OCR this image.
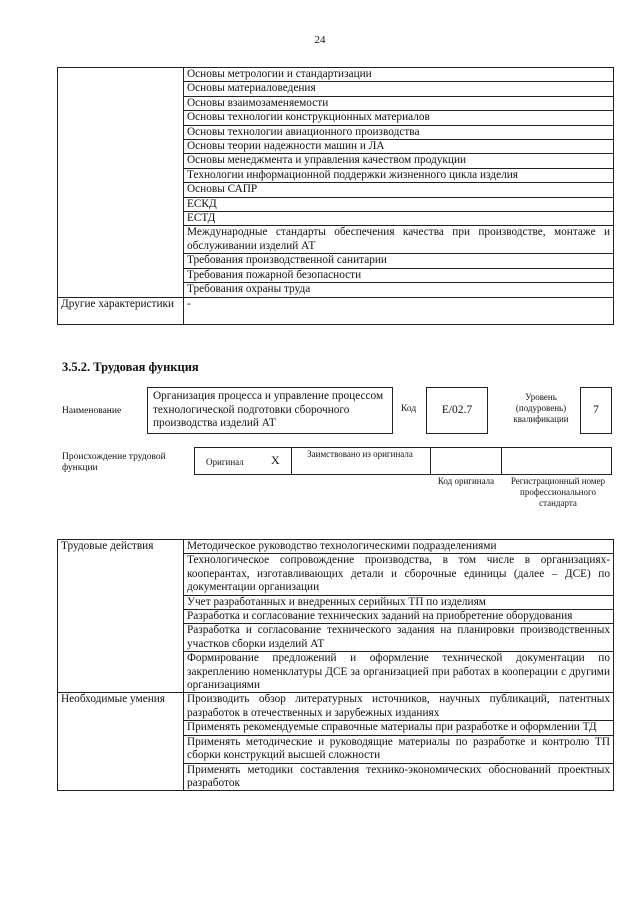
24
	Основы метрологии и стандартизации
	Основы материаловедения
	Основы взаимозаменяемости
	Основы технологии конструкционных материалов
	Основы технологии авиационного производства
	Основы теории надежности машин и ЛА
	Основы менеджмента и управления качеством продукции
	Технологии информационной поддержки жизненного цикла изделия
	Основы САПР
	ЕСКД
	ЕСТД
	Международные стандарты обеспечения качества при производстве, монтаже и обслуживании изделий АТ
	Требования производственной санитарии
	Требования пожарной безопасности
	Требования охраны труда
Другие характеристики	-
3.5.2. Трудовая функция
Наименование
Организация процесса и управление процессом технологической подготовки сборочного производства изделий АТ
Код	E/02.7
Уровень (подуровень) квалификации
7
Происхождение трудовой функции
Оригинал X	Заимствовано из оригинала
Код оригинала	Регистрационный номер профессионального стандарта
Трудовые действия	Методическое руководство технологическими подразделениями
	Технологическое сопровождение производства, в том числе в организациях-кооперантах, изготавливающих детали и сборочные единицы (далее – ДСЕ) по документации организации
	Учет разработанных и внедренных серийных ТП по изделиям
	Разработка и согласование технических заданий на приобретение оборудования
	Разработка и согласование технического задания на планировки производственных участков сборки изделий АТ
	Формирование предложений и оформление технической документации по закреплению номенклатуры ДСЕ за организацией при работах в кооперации с другими организациями
Необходимые умения	Производить обзор литературных источников, научных публикаций, патентных разработок в отечественных и зарубежных изданиях
	Применять рекомендуемые справочные материалы при разработке и оформлении ТД
	Применять методические и руководящие материалы по разработке и контролю ТП сборки конструкций высшей сложности
	Применять методики составления технико-экономических обоснований проектных разработок
